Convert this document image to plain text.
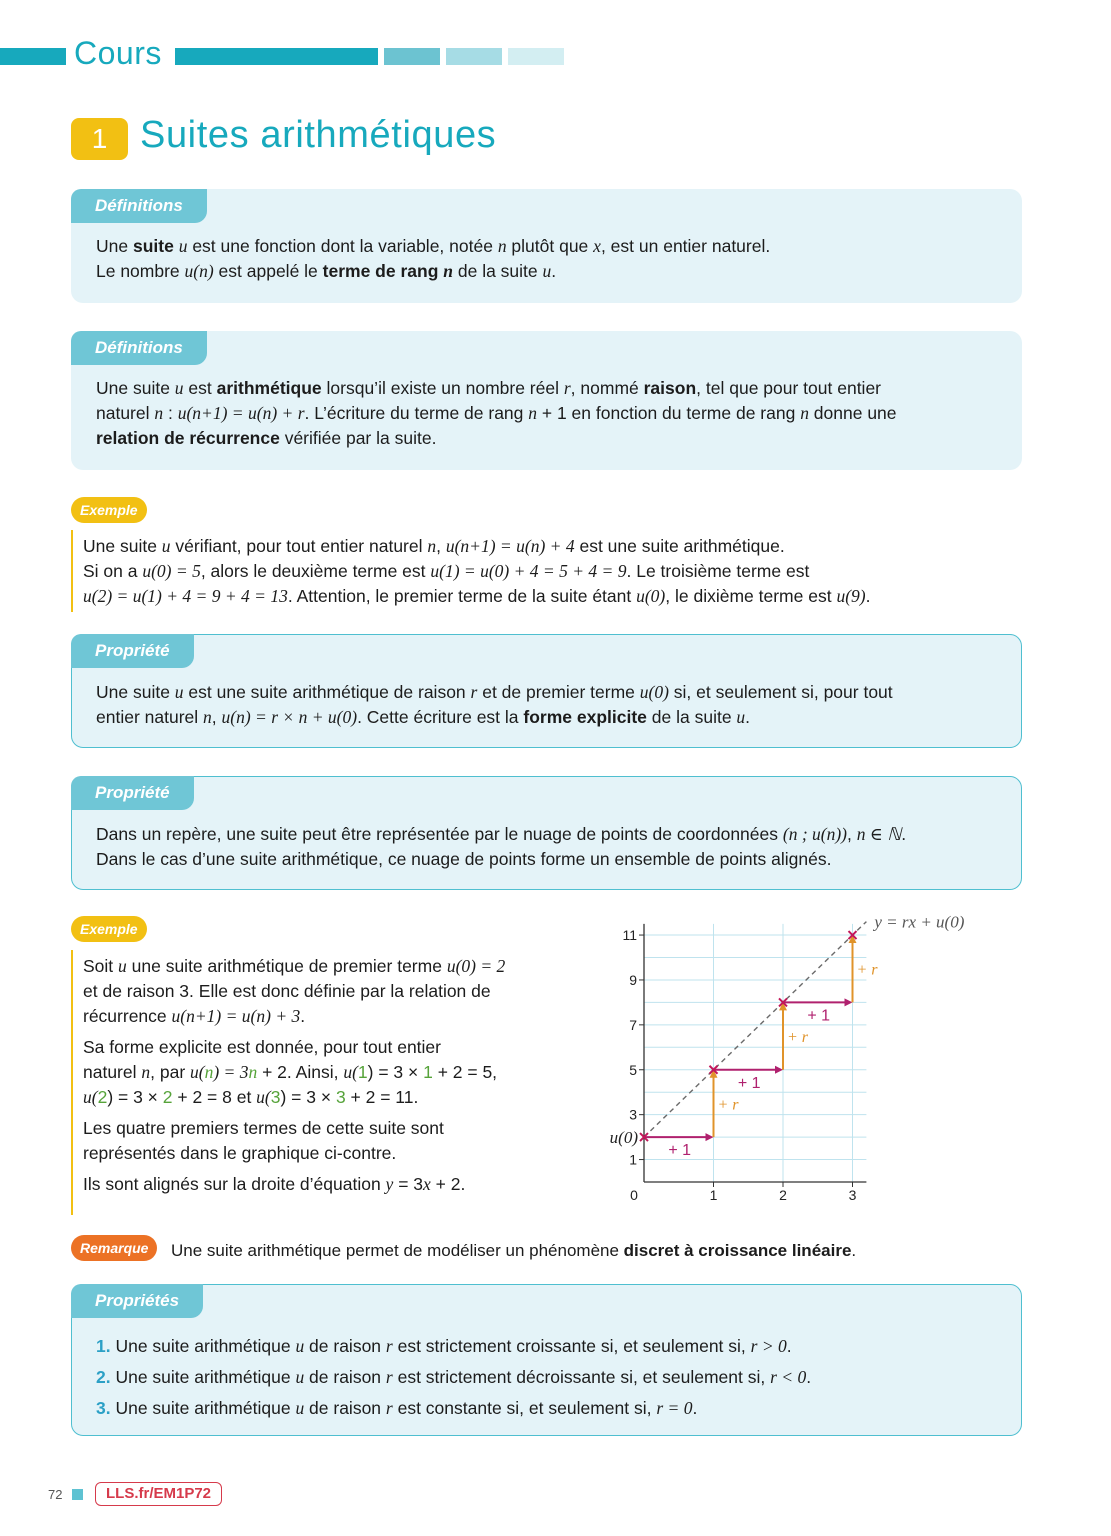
Cours
1 Suites arithmétiques
Définitions
Une suite u est une fonction dont la variable, notée n plutôt que x, est un entier naturel.
Le nombre u(n) est appelé le terme de rang n de la suite u.
Définitions
Une suite u est arithmétique lorsqu’il existe un nombre réel r, nommé raison, tel que pour tout entier
naturel n : u(n+1) = u(n) + r. L’écriture du terme de rang n + 1 en fonction du terme de rang n donne une
relation de récurrence vérifiée par la suite.
Exemple
Une suite u vérifiant, pour tout entier naturel n, u(n+1) = u(n) + 4 est une suite arithmétique.
Si on a u(0) = 5, alors le deuxième terme est u(1) = u(0) + 4 = 5 + 4 = 9. Le troisième terme est
u(2) = u(1) + 4 = 9 + 4 = 13. Attention, le premier terme de la suite étant u(0), le dixième terme est u(9).
Propriété
Une suite u est une suite arithmétique de raison r et de premier terme u(0) si, et seulement si, pour tout
entier naturel n, u(n) = r × n + u(0). Cette écriture est la forme explicite de la suite u.
Propriété
Dans un repère, une suite peut être représentée par le nuage de points de coordonnées (n ; u(n)), n ∈ ℕ.
Dans le cas d’une suite arithmétique, ce nuage de points forme un ensemble de points alignés.
Exemple
Soit u une suite arithmétique de premier terme u(0) = 2
et de raison 3. Elle est donc définie par la relation de
récurrence u(n+1) = u(n) + 3.
Sa forme explicite est donnée, pour tout entier
naturel n, par u(n) = 3n + 2. Ainsi, u(1) = 3 × 1 + 2 = 5,
u(2) = 3 × 2 + 2 = 8 et u(3) = 3 × 3 + 2 = 11.
Les quatre premiers termes de cette suite sont
représentés dans le graphique ci-contre.
Ils sont alignés sur la droite d’équation y = 3x + 2.
0	1	2	3
1
3
5
7
9
11
y = rx + u(0)
+ 1
+ r
+ 1
+ r
+ 1
+ r
u(0)
Remarque	Une suite arithmétique permet de modéliser un phénomène discret à croissance linéaire.
Propriétés
1. Une suite arithmétique u de raison r est strictement croissante si, et seulement si, r > 0.
2. Une suite arithmétique u de raison r est strictement décroissante si, et seulement si, r < 0.
3. Une suite arithmétique u de raison r est constante si, et seulement si, r = 0.
72	LLS.fr/EM1P72
